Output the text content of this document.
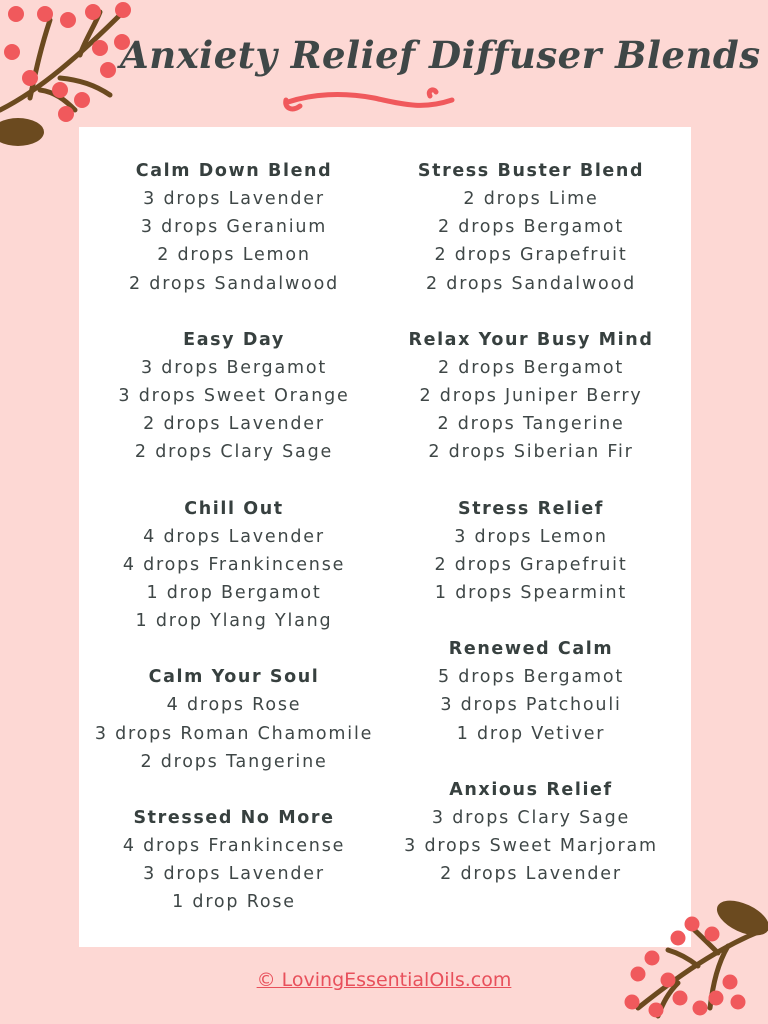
Anxiety Relief Diffuser Blends
Calm Down Blend
3 drops Lavender
3 drops Geranium
2 drops Lemon
2 drops Sandalwood
Easy Day
3 drops Bergamot
3 drops Sweet Orange
2 drops Lavender
2 drops Clary Sage
Chill Out
4 drops Lavender
4 drops Frankincense
1 drop Bergamot
1 drop Ylang Ylang
Calm Your Soul
4 drops Rose
3 drops Roman Chamomile
2 drops Tangerine
Stressed No More
4 drops Frankincense
3 drops Lavender
1 drop Rose
Stress Buster Blend
2 drops Lime
2 drops Bergamot
2 drops Grapefruit
2 drops Sandalwood
Relax Your Busy Mind
2 drops Bergamot
2 drops Juniper Berry
2 drops Tangerine
2 drops Siberian Fir
Stress Relief
3 drops Lemon
2 drops Grapefruit
1 drops Spearmint
Renewed Calm
5 drops Bergamot
3 drops Patchouli
1 drop Vetiver
Anxious Relief
3 drops Clary Sage
3 drops Sweet Marjoram
2 drops Lavender
© LovingEssentialOils.com
